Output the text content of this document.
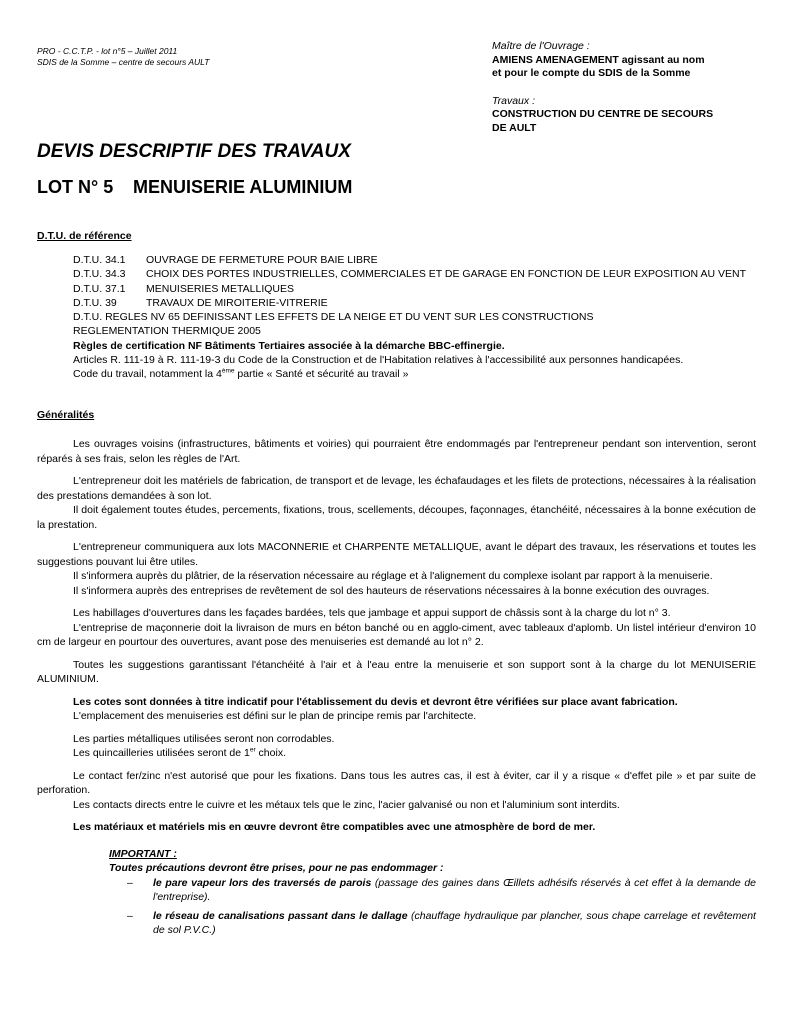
PRO - C.C.T.P. - lot n°5 – Juillet 2011
SDIS de la Somme – centre de secours AULT
Maître de l'Ouvrage :
AMIENS AMENAGEMENT agissant au nom
et pour le compte du SDIS de la Somme
Travaux :
CONSTRUCTION DU CENTRE DE SECOURS
DE AULT
DEVIS DESCRIPTIF DES TRAVAUX
LOT N° 5 MENUISERIE ALUMINIUM
D.T.U. de référence
D.T.U. 34.1	OUVRAGE DE FERMETURE POUR BAIE LIBRE
D.T.U. 34.3	CHOIX DES PORTES INDUSTRIELLES, COMMERCIALES ET DE GARAGE EN FONCTION DE LEUR EXPOSITION AU VENT
D.T.U. 37.1	MENUISERIES METALLIQUES
D.T.U. 39	TRAVAUX DE MIROITERIE-VITRERIE
D.T.U. REGLES NV 65 DEFINISSANT LES EFFETS DE LA NEIGE ET DU VENT SUR LES CONSTRUCTIONS
REGLEMENTATION THERMIQUE 2005
Règles de certification NF Bâtiments Tertiaires associée à la démarche BBC-effinergie.
Articles R. 111-19 à R. 111-19-3 du Code de la Construction et de l'Habitation relatives à l'accessibilité aux personnes handicapées.
Code du travail, notamment la 4ème partie « Santé et sécurité au travail »
Généralités

Les ouvrages voisins (infrastructures, bâtiments et voiries) qui pourraient être endommagés par l'entrepreneur pendant son intervention, seront réparés à ses frais, selon les règles de l'Art.

L'entrepreneur doit les matériels de fabrication, de transport et de levage, les échafaudages et les filets de protections, nécessaires à la réalisation des prestations demandées à son lot.

Il doit également toutes études, percements, fixations, trous, scellements, découpes, façonnages, étanchéité, nécessaires à la bonne exécution de la prestation.

L'entrepreneur communiquera aux lots MACONNERIE et CHARPENTE METALLIQUE, avant le départ des travaux, les réservations et toutes les suggestions pouvant lui être utiles.

Il s'informera auprès du plâtrier, de la réservation nécessaire au réglage et à l'alignement du complexe isolant par rapport à la menuiserie.

Il s'informera auprès des entreprises de revêtement de sol des hauteurs de réservations nécessaires à la bonne exécution des ouvrages.

Les habillages d'ouvertures dans les façades bardées, tels que jambage et appui support de châssis sont à la charge du lot n° 3.

L'entreprise de maçonnerie doit la livraison de murs en béton banché ou en agglo-ciment, avec tableaux d'aplomb. Un listel intérieur d'environ 10 cm de largeur en pourtour des ouvertures, avant pose des menuiseries est demandé au lot n° 2.

Toutes les suggestions garantissant l'étanchéité à l'air et à l'eau entre la menuiserie et son support sont à la charge du lot MENUISERIE ALUMINIUM.

Les cotes sont données à titre indicatif pour l'établissement du devis et devront être vérifiées sur place avant fabrication.

L'emplacement des menuiseries est défini sur le plan de principe remis par l'architecte.

Les parties métalliques utilisées seront non corrodables.

Les quincailleries utilisées seront de 1er choix.

Le contact fer/zinc n'est autorisé que pour les fixations. Dans tous les autres cas, il est à éviter, car il y a risque « d'effet pile » et par suite de perforation.

Les contacts directs entre le cuivre et les métaux tels que le zinc, l'acier galvanisé ou non et l'aluminium sont interdits.

Les matériaux et matériels mis en œuvre devront être compatibles avec une atmosphère de bord de mer.

IMPORTANT :

Toutes précautions devront être prises, pour ne pas endommager :

–	le pare vapeur lors des traversés de parois (passage des gaines dans Œillets adhésifs réservés à cet effet à la demande de l'entreprise).
–	le réseau de canalisations passant dans le dallage (chauffage hydraulique par plancher, sous chape carrelage et revêtement de sol P.V.C.)
